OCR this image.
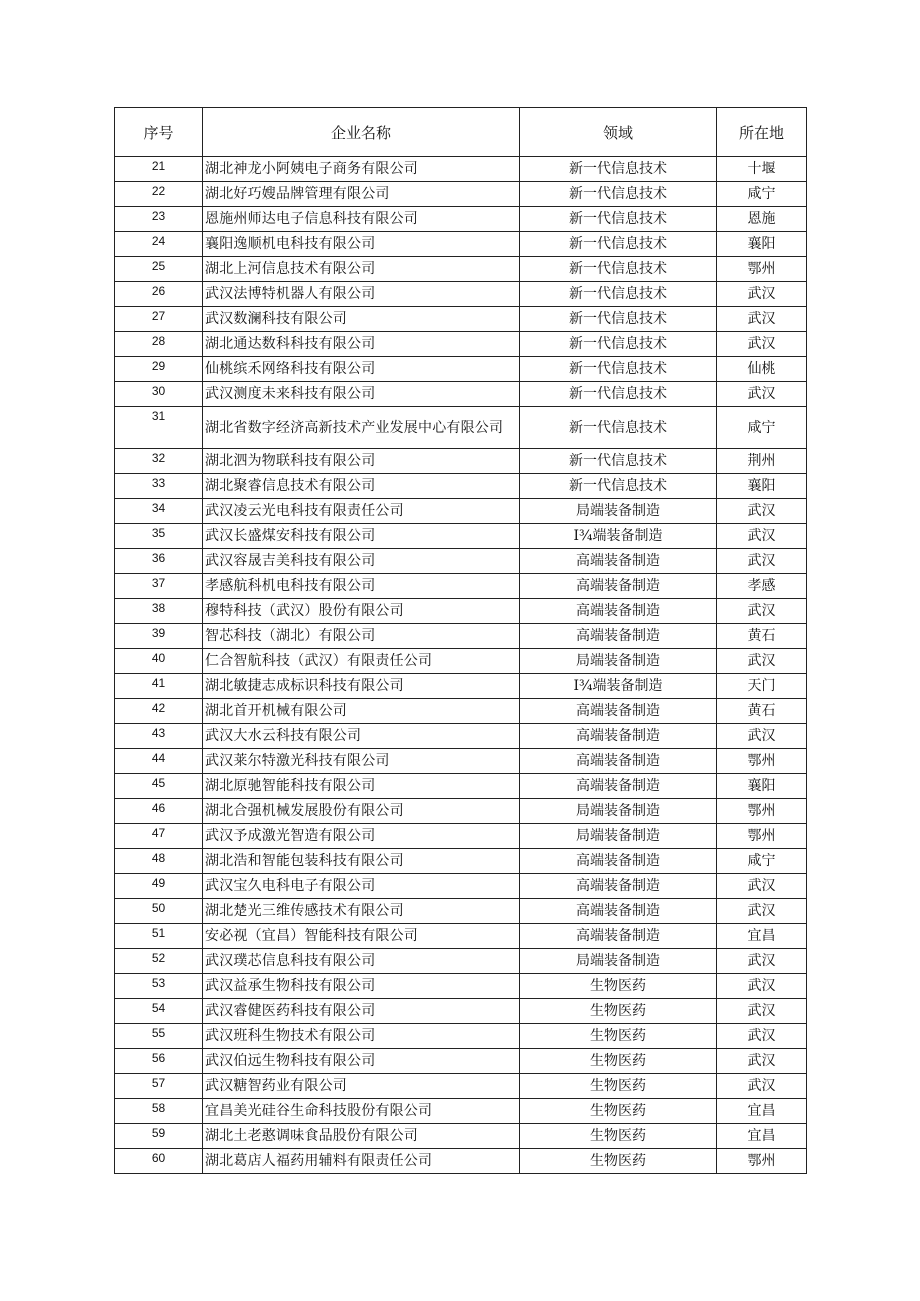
序号	企业名称	领域	所在地
21	湖北神龙小阿姨电子商务有限公司	新一代信息技术	十堰
22	湖北好巧嫂品牌管理有限公司	新一代信息技术	咸宁
23	恩施州师达电子信息科技有限公司	新一代信息技术	恩施
24	襄阳逸顺机电科技有限公司	新一代信息技术	襄阳
25	湖北上河信息技术有限公司	新一代信息技术	鄂州
26	武汉法博特机器人有限公司	新一代信息技术	武汉
27	武汉数澜科技有限公司	新一代信息技术	武汉
28	湖北通达数科科技有限公司	新一代信息技术	武汉
29	仙桃缤禾网络科技有限公司	新一代信息技术	仙桃
30	武汉测度未来科技有限公司	新一代信息技术	武汉
31	湖北省数字经济高新技术产业发展中心有限公司	新一代信息技术	咸宁
32	湖北泗为物联科技有限公司	新一代信息技术	荆州
33	湖北聚睿信息技术有限公司	新一代信息技术	襄阳
34	武汉凌云光电科技有限责任公司	局端装备制造	武汉
35	武汉长盛煤安科技有限公司	I¾端装备制造	武汉
36	武汉容晟吉美科技有限公司	高端装备制造	武汉
37	孝感航科机电科技有限公司	高端装备制造	孝感
38	穆特科技（武汉）股份有限公司	高端装备制造	武汉
39	智芯科技（湖北）有限公司	高端装备制造	黄石
40	仁合智航科技（武汉）有限责任公司	局端装备制造	武汉
41	湖北敏捷志成标识科技有限公司	I¾端装备制造	天门
42	湖北首开机械有限公司	高端装备制造	黄石
43	武汉大水云科技有限公司	高端装备制造	武汉
44	武汉莱尔特激光科技有限公司	高端装备制造	鄂州
45	湖北原驰智能科技有限公司	高端装备制造	襄阳
46	湖北合强机械发展股份有限公司	局端装备制造	鄂州
47	武汉予成激光智造有限公司	局端装备制造	鄂州
48	湖北浩和智能包装科技有限公司	高端装备制造	咸宁
49	武汉宝久电科电子有限公司	高端装备制造	武汉
50	湖北楚光三维传感技术有限公司	高端装备制造	武汉
51	安必视（宜昌）智能科技有限公司	高端装备制造	宜昌
52	武汉璞芯信息科技有限公司	局端装备制造	武汉
53	武汉益承生物科技有限公司	生物医药	武汉
54	武汉睿健医药科技有限公司	生物医药	武汉
55	武汉班科生物技术有限公司	生物医药	武汉
56	武汉伯远生物科技有限公司	生物医药	武汉
57	武汉糖智药业有限公司	生物医药	武汉
58	宜昌美光硅谷生命科技股份有限公司	生物医药	宜昌
59	湖北土老憨调味食品股份有限公司	生物医药	宜昌
60	湖北葛店人福药用辅料有限责任公司	生物医药	鄂州
